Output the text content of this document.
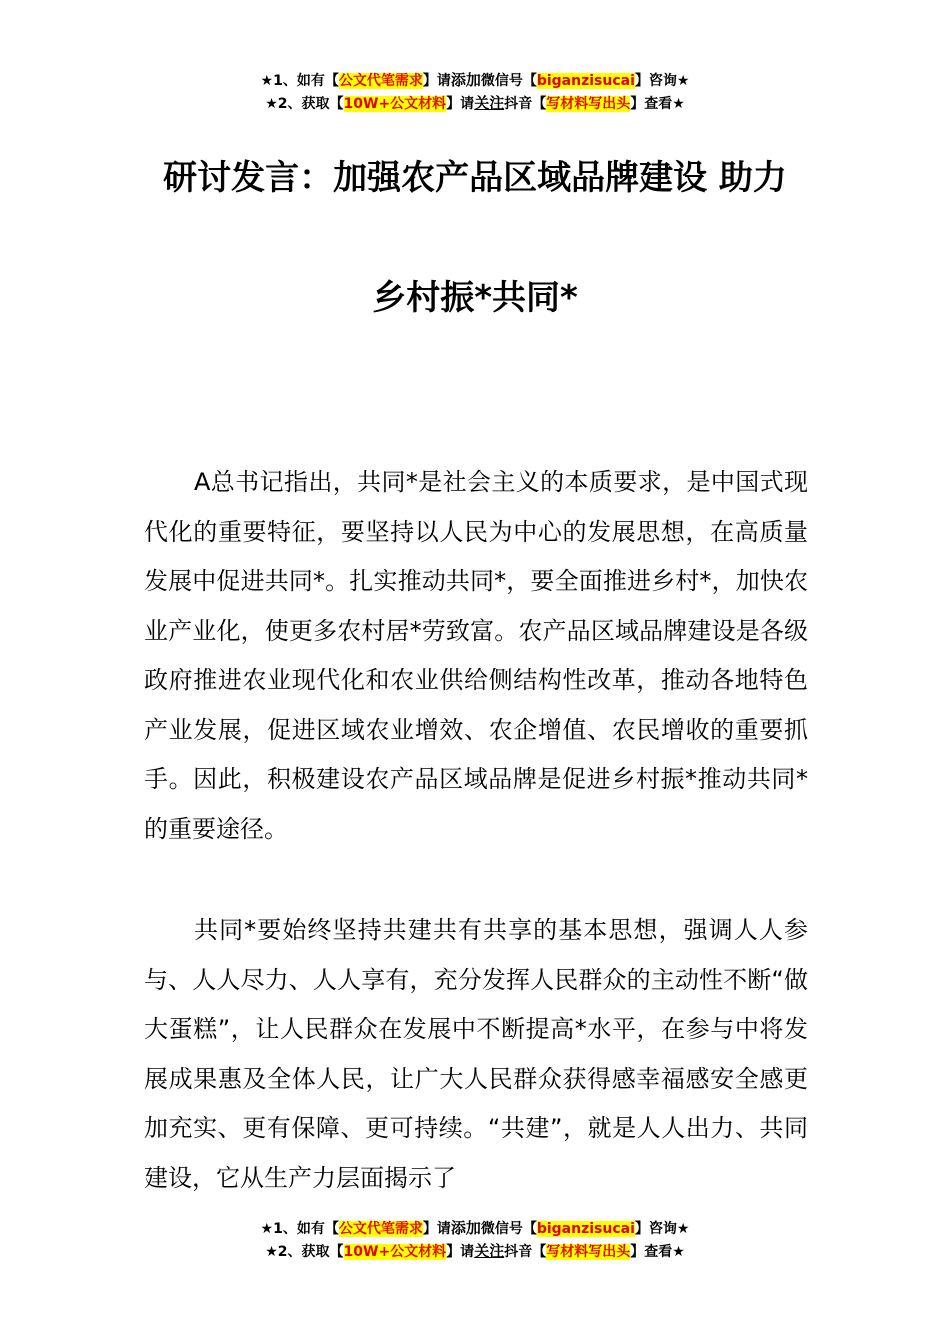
★1、如有【公文代笔需求】请添加微信号【biganzisucai】咨询★
★2、获取【10W+公文材料】请关注抖音【写材料写出头】查看★
研讨发言：加强农产品区域品牌建设 助力
乡村振*共同*

A总书记指出，共同*是社会主义的本质要求，是中国式现代化的重要特征，要坚持以人民为中心的发展思想，在高质量发展中促进共同*。扎实推动共同*，要全面推进乡村*，加快农业产业化，使更多农村居*劳致富。农产品区域品牌建设是各级政府推进农业现代化和农业供给侧结构性改革，推动各地特色产业发展，促进区域农业增效、农企增值、农民增收的重要抓手。因此，积极建设农产品区域品牌是促进乡村振*推动共同*的重要途径。

共同*要始终坚持共建共有共享的基本思想，强调人人参与、人人尽力、人人享有，充分发挥人民群众的主动性不断“做大蛋糕”，让人民群众在发展中不断提高*水平，在参与中将发展成果惠及全体人民，让广大人民群众获得感幸福感安全感更加充实、更有保障、更可持续。“共建”，就是人人出力、共同建设，它从生产力层面揭示了

★1、如有【公文代笔需求】请添加微信号【biganzisucai】咨询★
★2、获取【10W+公文材料】请关注抖音【写材料写出头】查看★
